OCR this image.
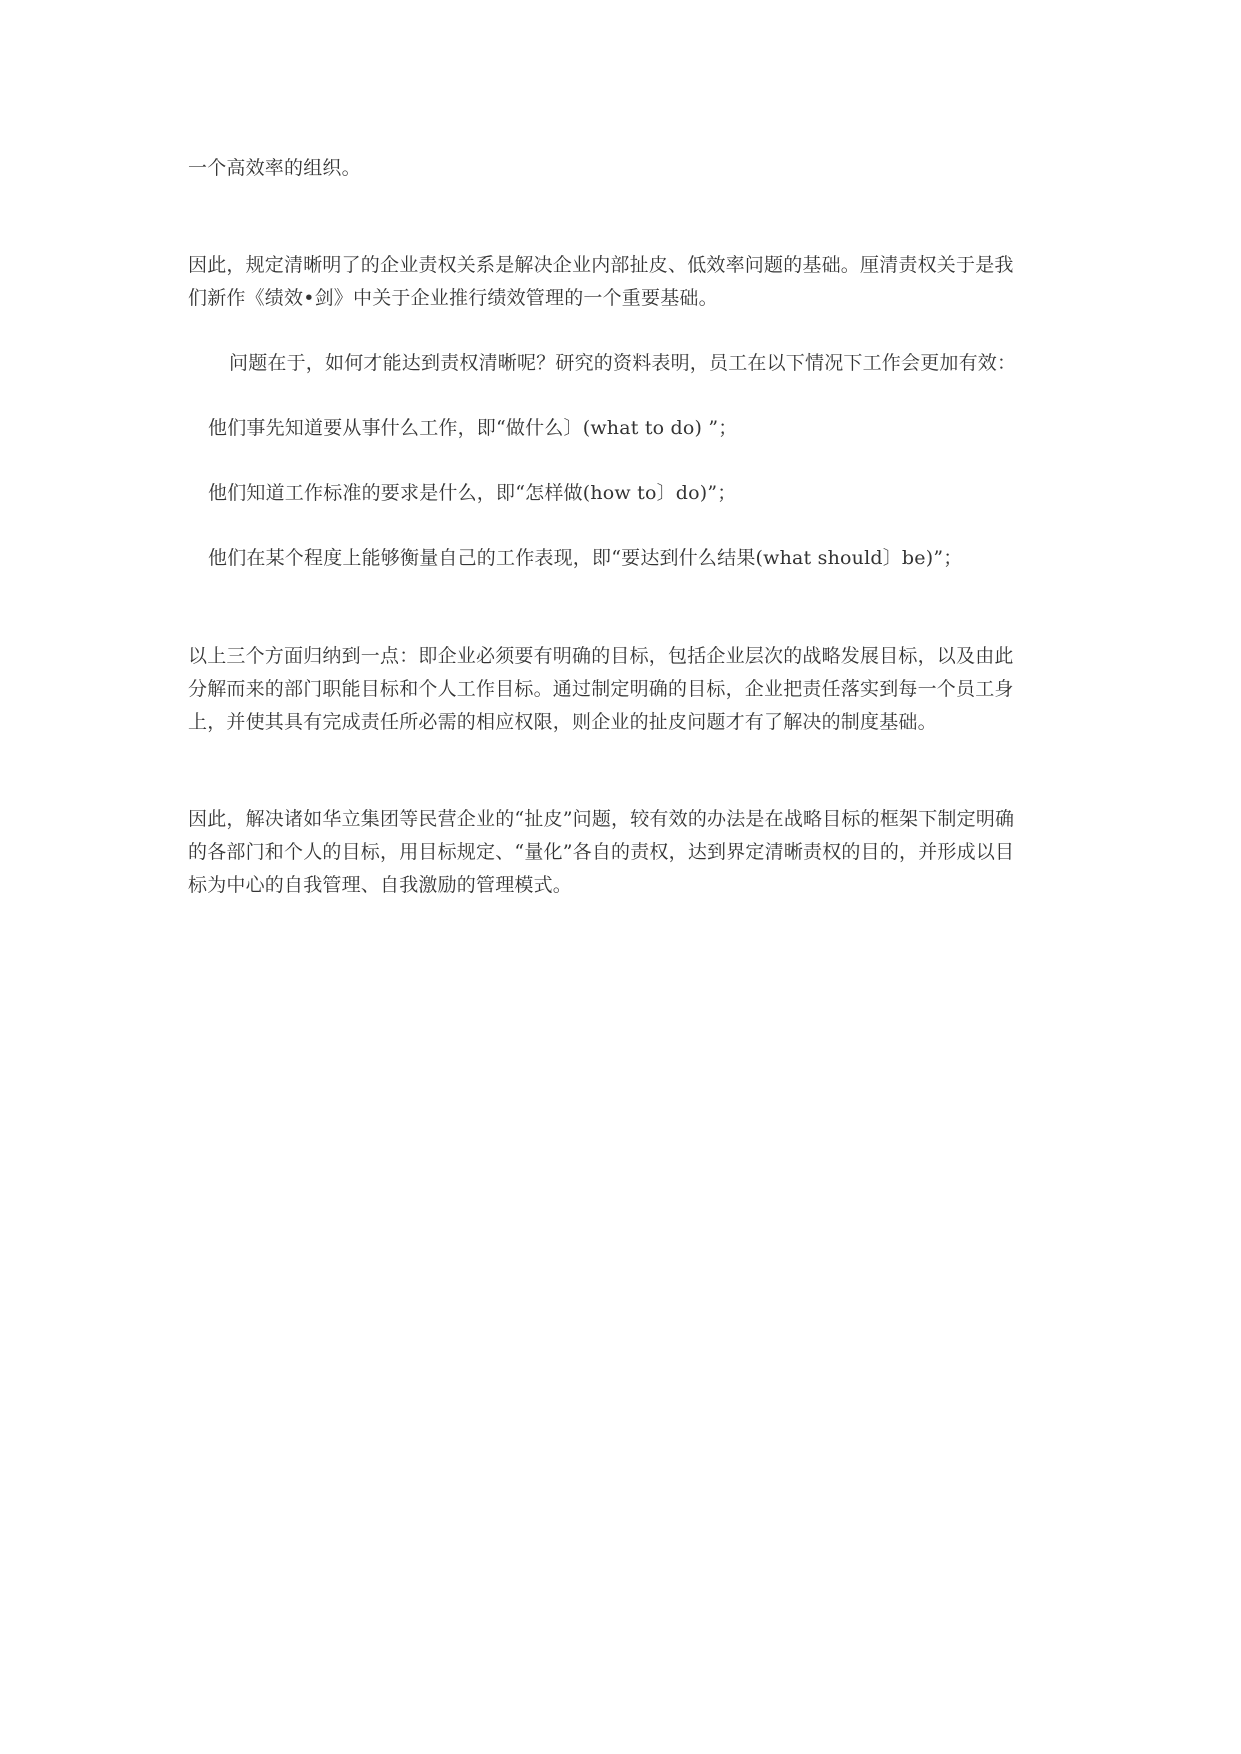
一个高效率的组织。

因此，规定清晰明了的企业责权关系是解决企业内部扯皮、低效率问题的基础。厘清责权关于是我
们新作《绩效•剑》中关于企业推行绩效管理的一个重要基础。

问题在于，如何才能达到责权清晰呢？研究的资料表明，员工在以下情况下工作会更加有效：

他们事先知道要从事什么工作，即“做什么〕(what to do) ”；

他们知道工作标准的要求是什么，即“怎样做(how to〕do)”；

他们在某个程度上能够衡量自己的工作表现，即“要达到什么结果(what should〕be)”；

以上三个方面归纳到一点：即企业必须要有明确的目标，包括企业层次的战略发展目标，以及由此
分解而来的部门职能目标和个人工作目标。通过制定明确的目标，企业把责任落实到每一个员工身
上，并使其具有完成责任所必需的相应权限，则企业的扯皮问题才有了解决的制度基础。

因此，解决诸如华立集团等民营企业的“扯皮”问题，较有效的办法是在战略目标的框架下制定明确
的各部门和个人的目标，用目标规定、“量化”各自的责权，达到界定清晰责权的目的，并形成以目
标为中心的自我管理、自我激励的管理模式。
